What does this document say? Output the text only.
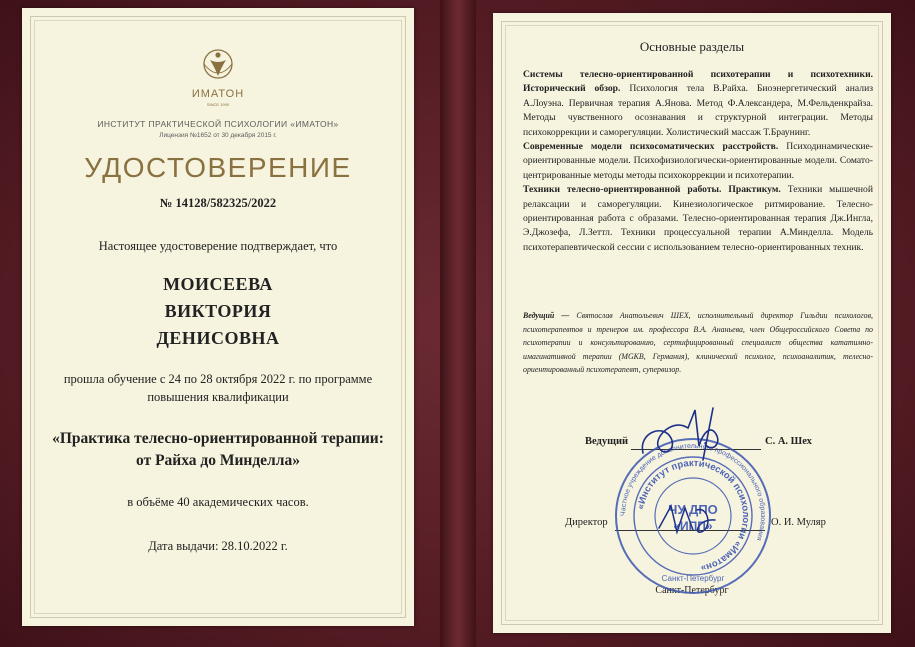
ИМАТОН
SINCE 1990
ИНСТИТУТ ПРАКТИЧЕСКОЙ ПСИХОЛОГИИ «ИМАТОН»
Лицензия №1652 от 30 декабря 2015 г.
УДОСТОВЕРЕНИЕ
№ 14128/582325/2022
Настоящее удостоверение подтверждает, что
МОИСЕЕВА
ВИКТОРИЯ
ДЕНИСОВНА
прошла обучение с 24 по 28 октября 2022 г. по программе
повышения квалификации
«Практика телесно-ориентированной терапии:
от Райха до Минделла»
в объёме 40 академических часов.
Дата выдачи: 28.10.2022 г.
Основные разделы

Системы телесно-ориентированной психотерапии и психотехники. Исторический обзор. Психология тела В.Райха. Биоэнергетический анализ А.Лоуэна. Первичная терапия А.Янова. Метод Ф.Александера, М.Фельденкрайза. Методы чувственного осознавания и структурной интеграции. Методы психокоррекции и саморегуляции. Холистический массаж Т.Браунинг.

Современные модели психосоматических расстройств. Психодинамические-ориентированные модели. Психофизиологически-ориентированные модели. Сомато-центрированные методы методы психокоррекции и психотерапии.

Техники телесно-ориентированной работы. Практикум. Техники мышечной релаксации и саморегуляции. Кинезиологическое ритмирование. Телесно-ориентированная работа с образами. Телесно-ориентированная терапия Дж.Ингла, Э.Джозефа, Л.Зеттл. Техники процессуальной терапии А.Минделла. Модель психотерапевтической сессии с использованием телесно-ориентированных техник.

Ведущий — Святослав Анатольевич ШЕХ, исполнительный директор Гильдии психологов, психотерапевтов и тренеров им. профессора В.А. Ананьева, член Общероссийского Совета по психотерапии и консультированию, сертифицированный специалист общества кататимно-имагинативной терапии (MGKB, Германия), клинический психолог, психоаналитик, телесно-ориентированный психотерапевт, супервизор.
Ведущий	С. А. Шех
Директор	О. И. Муляр
Санкт-Петербург
Частное учреждение дополнительного профессионального образования
«Институт практической психологии «Иматон»
ЧУ ДПО
«ИПП»
Санкт-Петербург
